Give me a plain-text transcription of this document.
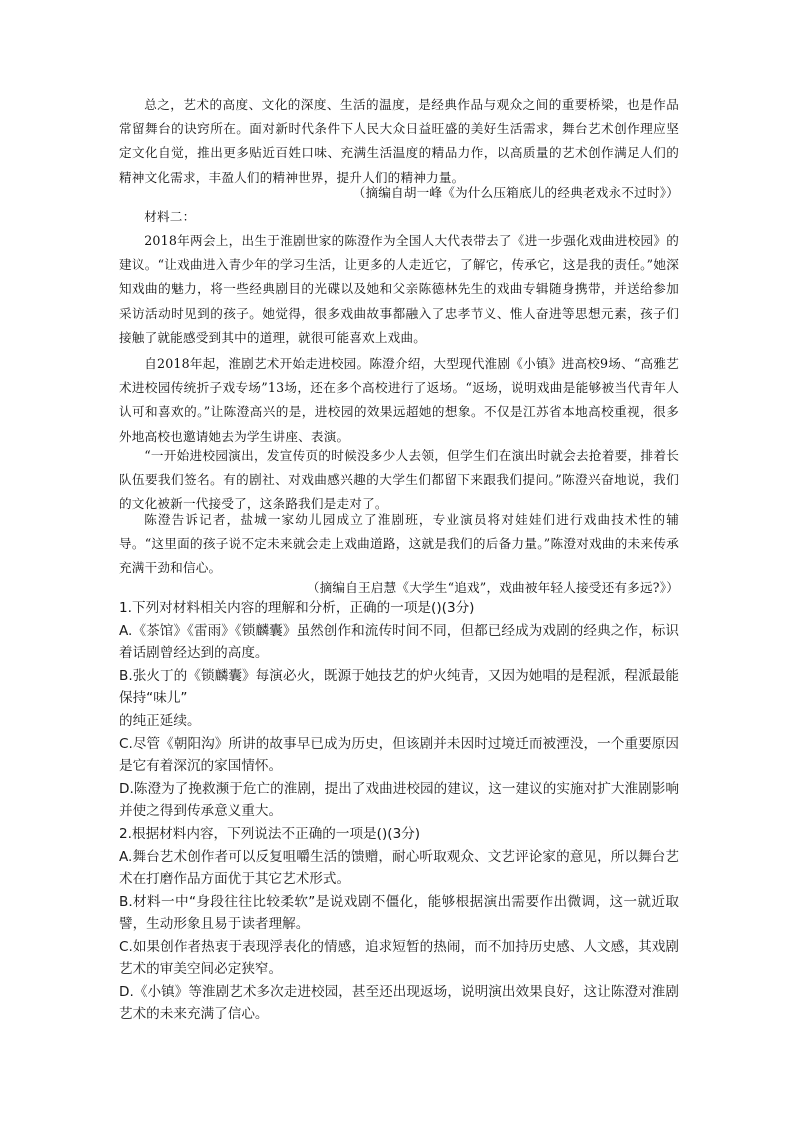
总之，艺术的高度、文化的深度、生活的温度，是经典作品与观众之间的重要桥梁，也是作品常留舞台的诀窍所在。面对新时代条件下人民大众日益旺盛的美好生活需求，舞台艺术创作理应坚定文化自觉，推出更多贴近百姓口味、充满生活温度的精品力作，以高质量的艺术创作满足人们的精神文化需求，丰盈人们的精神世界，提升人们的精神力量。

（摘编自胡一峰《为什么压箱底儿的经典老戏永不过时》）

材料二：

2018年两会上，出生于淮剧世家的陈澄作为全国人大代表带去了《进一步强化戏曲进校园》的建议。“让戏曲进入青少年的学习生活，让更多的人走近它，了解它，传承它，这是我的责任。”她深知戏曲的魅力，将一些经典剧目的光碟以及她和父亲陈德林先生的戏曲专辑随身携带，并送给参加采访活动时见到的孩子。她觉得，很多戏曲故事都融入了忠孝节义、惟人奋进等思想元素，孩子们接触了就能感受到其中的道理，就很可能喜欢上戏曲。

自2018年起，淮剧艺术开始走进校园。陈澄介绍，大型现代淮剧《小镇》进高校9场、“高雅艺术进校园传统折子戏专场”13场，还在多个高校进行了返场。“返场，说明戏曲是能够被当代青年人认可和喜欢的。”让陈澄高兴的是，进校园的效果远超她的想象。不仅是江苏省本地高校重视，很多外地高校也邀请她去为学生讲座、表演。

“一开始进校园演出，发宣传页的时候没多少人去领，但学生们在演出时就会去抢着要，排着长队伍要我们签名。有的剧社、对戏曲感兴趣的大学生们都留下来跟我们提问。”陈澄兴奋地说，我们的文化被新一代接受了，这条路我们是走对了。

陈澄告诉记者，盐城一家幼儿园成立了淮剧班，专业演员将对娃娃们进行戏曲技术性的辅导。“这里面的孩子说不定未来就会走上戏曲道路，这就是我们的后备力量。”陈澄对戏曲的未来传承充满干劲和信心。

（摘编自王启慧《大学生“追戏”，戏曲被年轻人接受还有多远?》）

1.下列对材料相关内容的理解和分析，正确的一项是()(3分)

A.《茶馆》《雷雨》《锁麟囊》虽然创作和流传时间不同，但都已经成为戏剧的经典之作，标识着话剧曾经达到的高度。

B.张火丁的《锁麟囊》每演必火，既源于她技艺的炉火纯青，又因为她唱的是程派，程派最能保持“味儿”

的纯正延续。

C.尽管《朝阳沟》所讲的故事早已成为历史，但该剧并未因时过境迁而被湮没，一个重要原因是它有着深沉的家国情怀。

D.陈澄为了挽救濒于危亡的淮剧，提出了戏曲进校园的建议，这一建议的实施对扩大淮剧影响并使之得到传承意义重大。

2.根据材料内容，下列说法不正确的一项是()(3分)

A.舞台艺术创作者可以反复咀嚼生活的馈赠，耐心听取观众、文艺评论家的意见，所以舞台艺术在打磨作品方面优于其它艺术形式。

B.材料一中“身段往往比较柔软”是说戏剧不僵化，能够根据演出需要作出微调，这一就近取譬，生动形象且易于读者理解。

C.如果创作者热衷于表现浮表化的情感，追求短暂的热闹，而不加持历史感、人文感，其戏剧艺术的审美空间必定狭窄。

D.《小镇》等淮剧艺术多次走进校园，甚至还出现返场，说明演出效果良好，这让陈澄对淮剧艺术的未来充满了信心。
